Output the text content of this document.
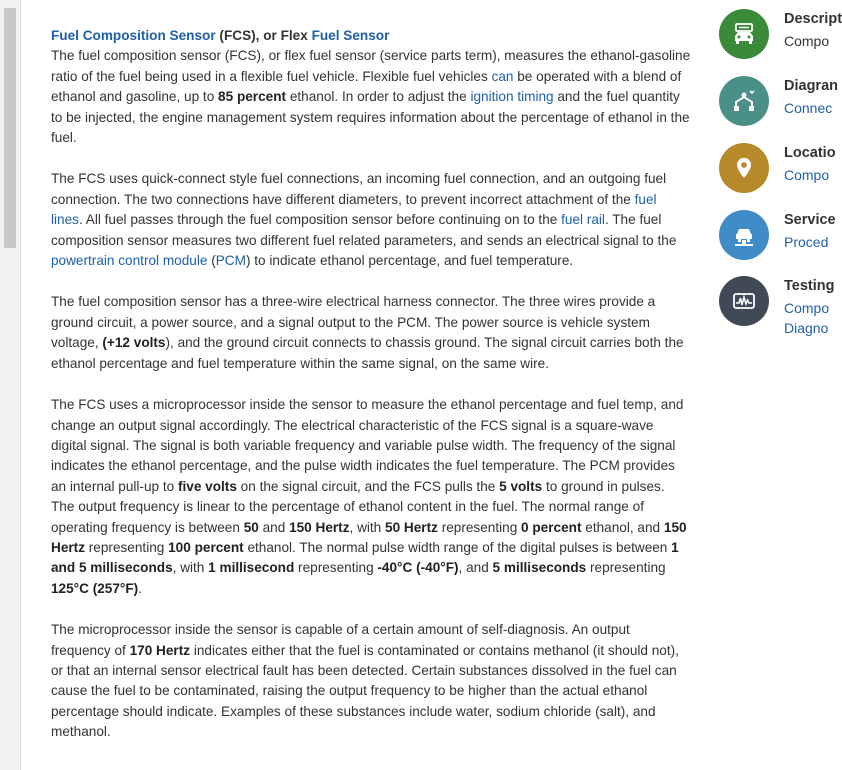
Fuel Composition Sensor (FCS), or Flex Fuel Sensor

The fuel composition sensor (FCS), or flex fuel sensor (service parts term), measures the ethanol-gasoline ratio of the fuel being used in a flexible fuel vehicle. Flexible fuel vehicles can be operated with a blend of ethanol and gasoline, up to 85 percent ethanol. In order to adjust the ignition timing and the fuel quantity to be injected, the engine management system requires information about the percentage of ethanol in the fuel.

The FCS uses quick-connect style fuel connections, an incoming fuel connection, and an outgoing fuel connection. The two connections have different diameters, to prevent incorrect attachment of the fuel lines. All fuel passes through the fuel composition sensor before continuing on to the fuel rail. The fuel composition sensor measures two different fuel related parameters, and sends an electrical signal to the powertrain control module (PCM) to indicate ethanol percentage, and fuel temperature.

The fuel composition sensor has a three-wire electrical harness connector. The three wires provide a ground circuit, a power source, and a signal output to the PCM. The power source is vehicle system voltage, (+12 volts), and the ground circuit connects to chassis ground. The signal circuit carries both the ethanol percentage and fuel temperature within the same signal, on the same wire.

The FCS uses a microprocessor inside the sensor to measure the ethanol percentage and fuel temp, and change an output signal accordingly. The electrical characteristic of the FCS signal is a square-wave digital signal. The signal is both variable frequency and variable pulse width. The frequency of the signal indicates the ethanol percentage, and the pulse width indicates the fuel temperature. The PCM provides an internal pull-up to five volts on the signal circuit, and the FCS pulls the 5 volts to ground in pulses. The output frequency is linear to the percentage of ethanol content in the fuel. The normal range of operating frequency is between 50 and 150 Hertz, with 50 Hertz representing 0 percent ethanol, and 150 Hertz representing 100 percent ethanol. The normal pulse width range of the digital pulses is between 1 and 5 milliseconds, with 1 millisecond representing -40°C (-40°F), and 5 milliseconds representing 125°C (257°F).

The microprocessor inside the sensor is capable of a certain amount of self-diagnosis. An output frequency of 170 Hertz indicates either that the fuel is contaminated or contains methanol (it should not), or that an internal sensor electrical fault has been detected. Certain substances dissolved in the fuel can cause the fuel to be contaminated, raising the output frequency to be higher than the actual ethanol percentage should indicate. Examples of these substances include water, sodium chloride (salt), and methanol.

Descript
Compo
Diagran
Connec
Locatio
Compo
Service
Proced
Testing
Compo
Diagno
